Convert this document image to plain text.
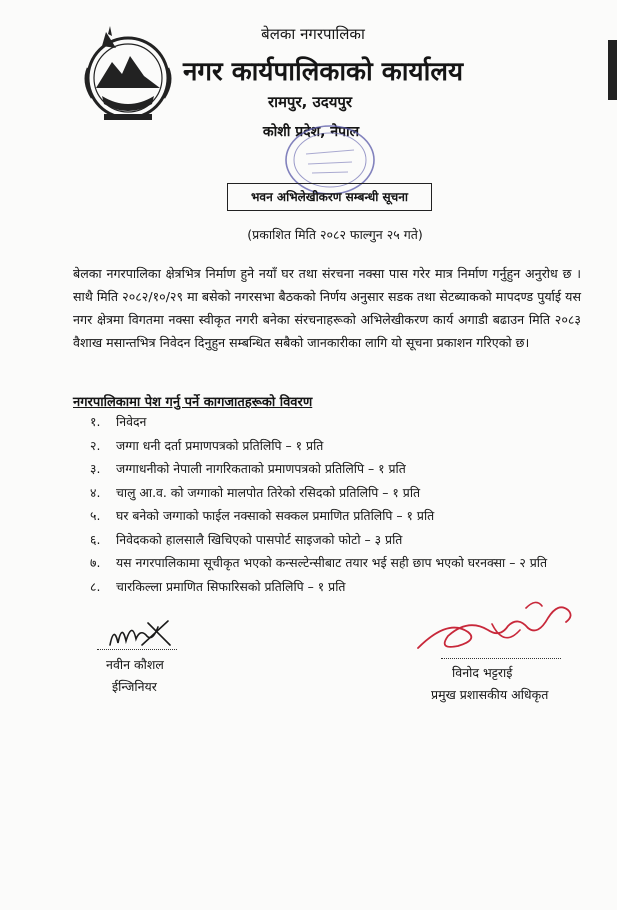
बेलका नगरपालिका
नगर कार्यपालिकाको कार्यालय
रामपुर, उदयपुर
कोशी प्रदेश, नेपाल
भवन अभिलेखीकरण सम्बन्धी सूचना
(प्रकाशित मिति २०८२ फाल्गुन २५ गते)
बेलका नगरपालिका क्षेत्रभित्र निर्माण हुने नयाँ घर तथा संरचना नक्सा पास गरेर मात्र निर्माण गर्नुहुन अनुरोध छ । साथै मिति २०८२/१०/२९ मा बसेको नगरसभा बैठकको निर्णय अनुसार सडक तथा सेटब्याकको मापदण्ड पुर्याई यस नगर क्षेत्रमा विगतमा नक्सा स्वीकृत नगरी बनेका संरचनाहरूको अभिलेखीकरण कार्य अगाडी बढाउन मिति २०८३ वैशाख मसान्तभित्र निवेदन दिनुहुन सम्बन्धित सबैको जानकारीका लागि यो सूचना प्रकाशन गरिएको छ।
नगरपालिकामा पेश गर्नु पर्ने कागजातहरूको विवरण
१. निवेदन
२. जग्गा धनी दर्ता प्रमाणपत्रको प्रतिलिपि – १ प्रति
३. जग्गाधनीको नेपाली नागरिकताको प्रमाणपत्रको प्रतिलिपि – १ प्रति
४. चालु आ.व. को जग्गाको मालपोत तिरेको रसिदको प्रतिलिपि – १ प्रति
५. घर बनेको जग्गाको फाईल नक्साको सक्कल प्रमाणित प्रतिलिपि – १ प्रति
६. निवेदकको हालसालै खिचिएको पासपोर्ट साइजको फोटो – ३ प्रति
७. यस नगरपालिकामा सूचीकृत भएको कन्सल्टेन्सीबाट तयार भई सही छाप भएको घरनक्सा – २ प्रति
८. चारकिल्ला प्रमाणित सिफारिसको प्रतिलिपि – १ प्रति
नवीन कौशल
ईन्जिनियर
विनोद भट्टराई
प्रमुख प्रशासकीय अधिकृत
